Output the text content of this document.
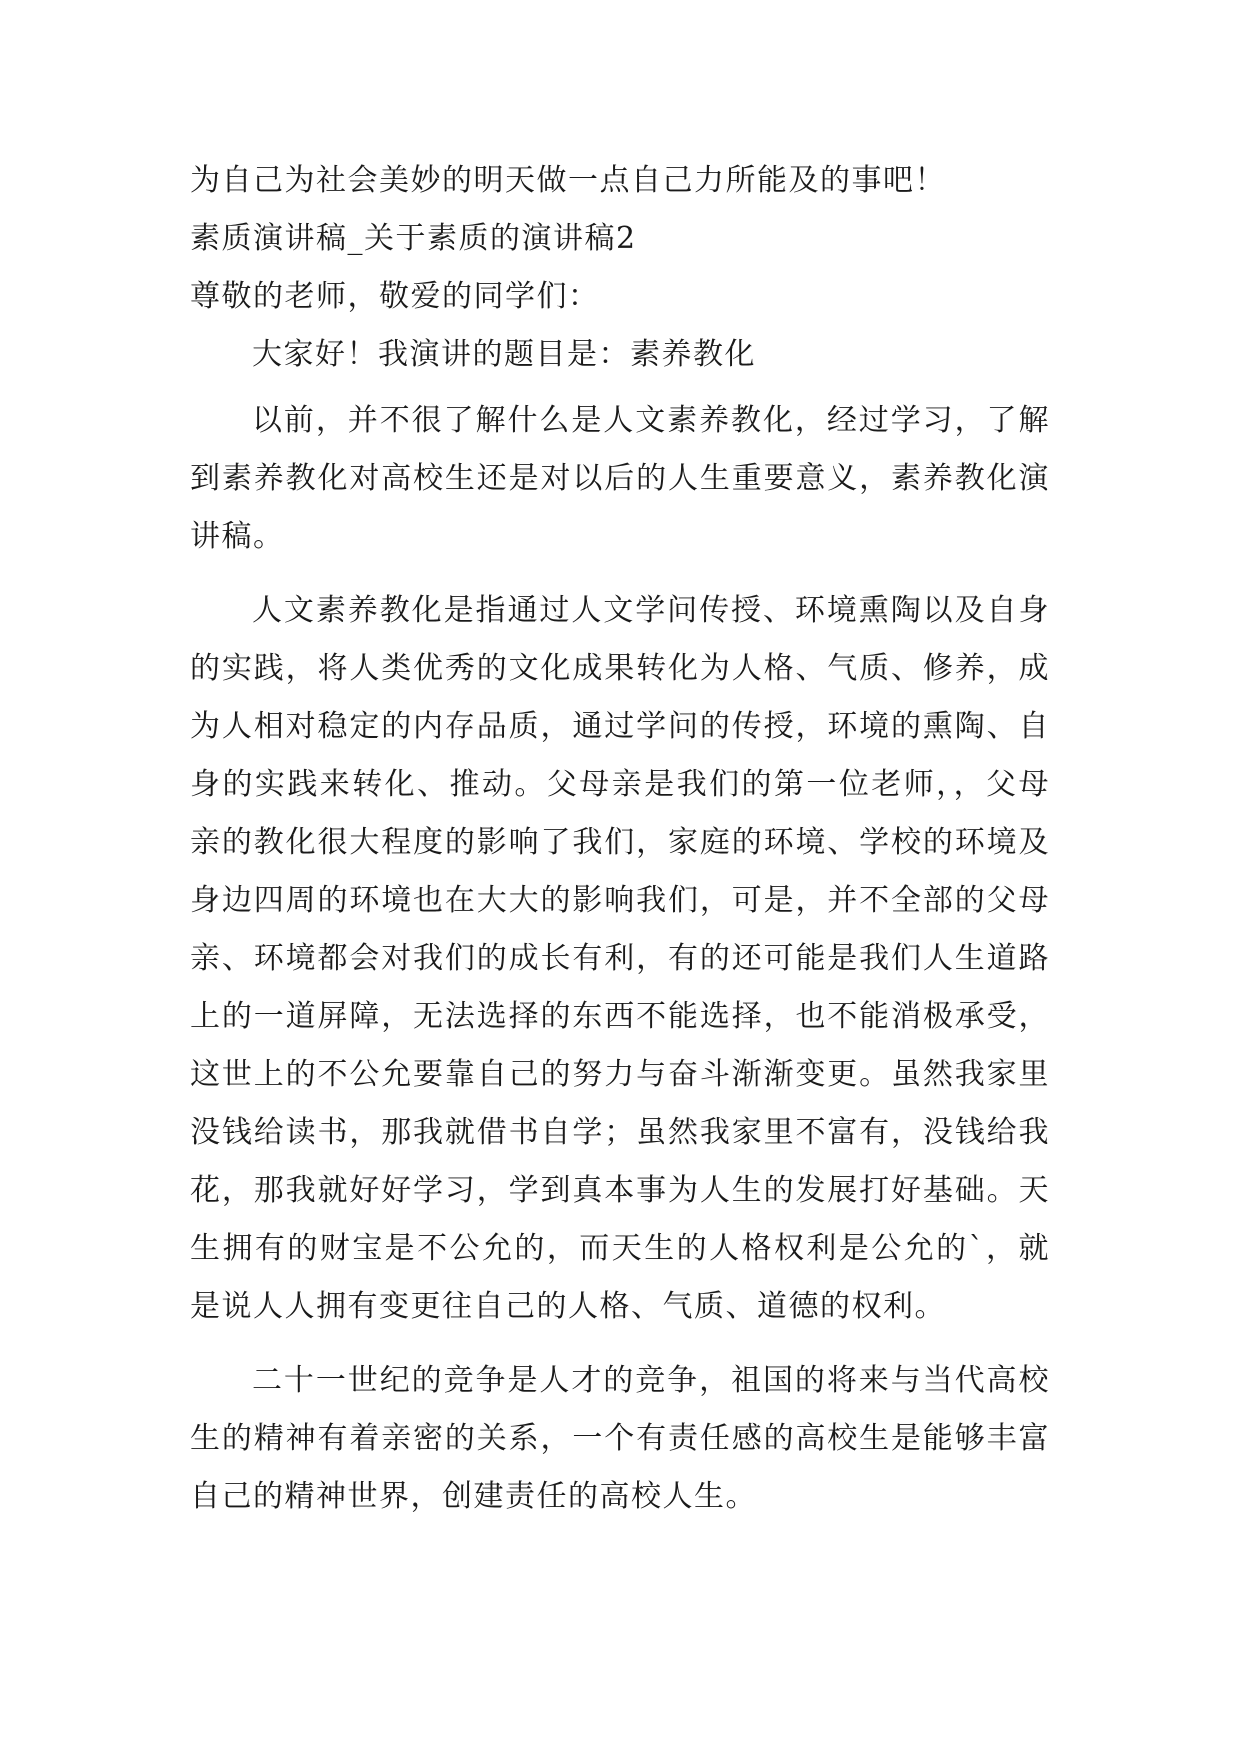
为自己为社会美妙的明天做一点自己力所能及的事吧！
素质演讲稿_关于素质的演讲稿2
尊敬的老师，敬爱的同学们：
大家好！我演讲的题目是：素养教化

以前，并不很了解什么是人文素养教化，经过学习，了解到素养教化对高校生还是对以后的人生重要意义，素养教化演讲稿。

人文素养教化是指通过人文学问传授、环境熏陶以及自身的实践，将人类优秀的文化成果转化为人格、气质、修养，成为人相对稳定的内存品质，通过学问的传授，环境的熏陶、自身的实践来转化、推动。父母亲是我们的第一位老师，，父母亲的教化很大程度的影响了我们，家庭的环境、学校的环境及身边四周的环境也在大大的影响我们，可是，并不全部的父母亲、环境都会对我们的成长有利，有的还可能是我们人生道路上的一道屏障，无法选择的东西不能选择，也不能消极承受，这世上的不公允要靠自己的努力与奋斗渐渐变更。虽然我家里没钱给读书，那我就借书自学；虽然我家里不富有，没钱给我花，那我就好好学习，学到真本事为人生的发展打好基础。天生拥有的财宝是不公允的，而天生的人格权利是公允的`，就是说人人拥有变更往自己的人格、气质、道德的权利。

二十一世纪的竞争是人才的竞争，祖国的将来与当代高校生的精神有着亲密的关系，一个有责任感的高校生是能够丰富自己的精神世界，创建责任的高校人生。
